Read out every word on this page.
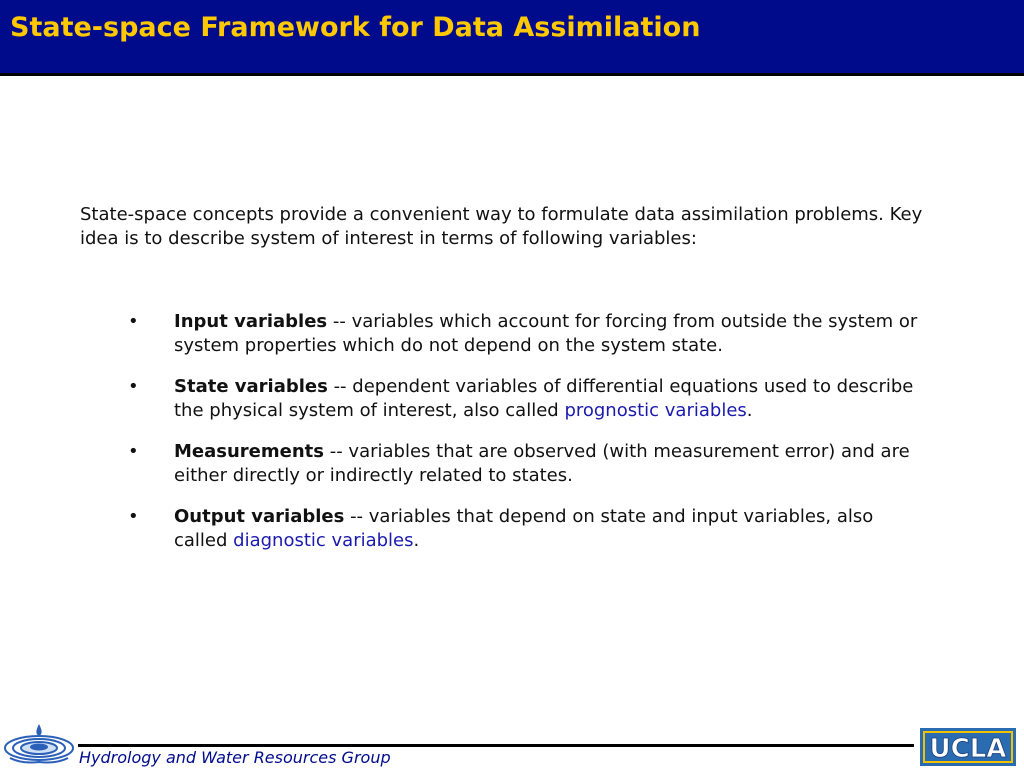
State-space Framework for Data Assimilation
State-space concepts provide a convenient way to formulate data assimilation problems. Key idea is to describe system of interest in terms of following variables:
•	Input variables -- variables which account for forcing from outside the system or system properties which do not depend on the system state.
•	State variables -- dependent variables of differential equations used to describe the physical system of interest, also called prognostic variables.
•	Measurements -- variables that are observed (with measurement error) and are either directly or indirectly related to states.
•	Output variables -- variables that depend on state and input variables, also called diagnostic variables.
Hydrology and Water Resources Group	UCLA
